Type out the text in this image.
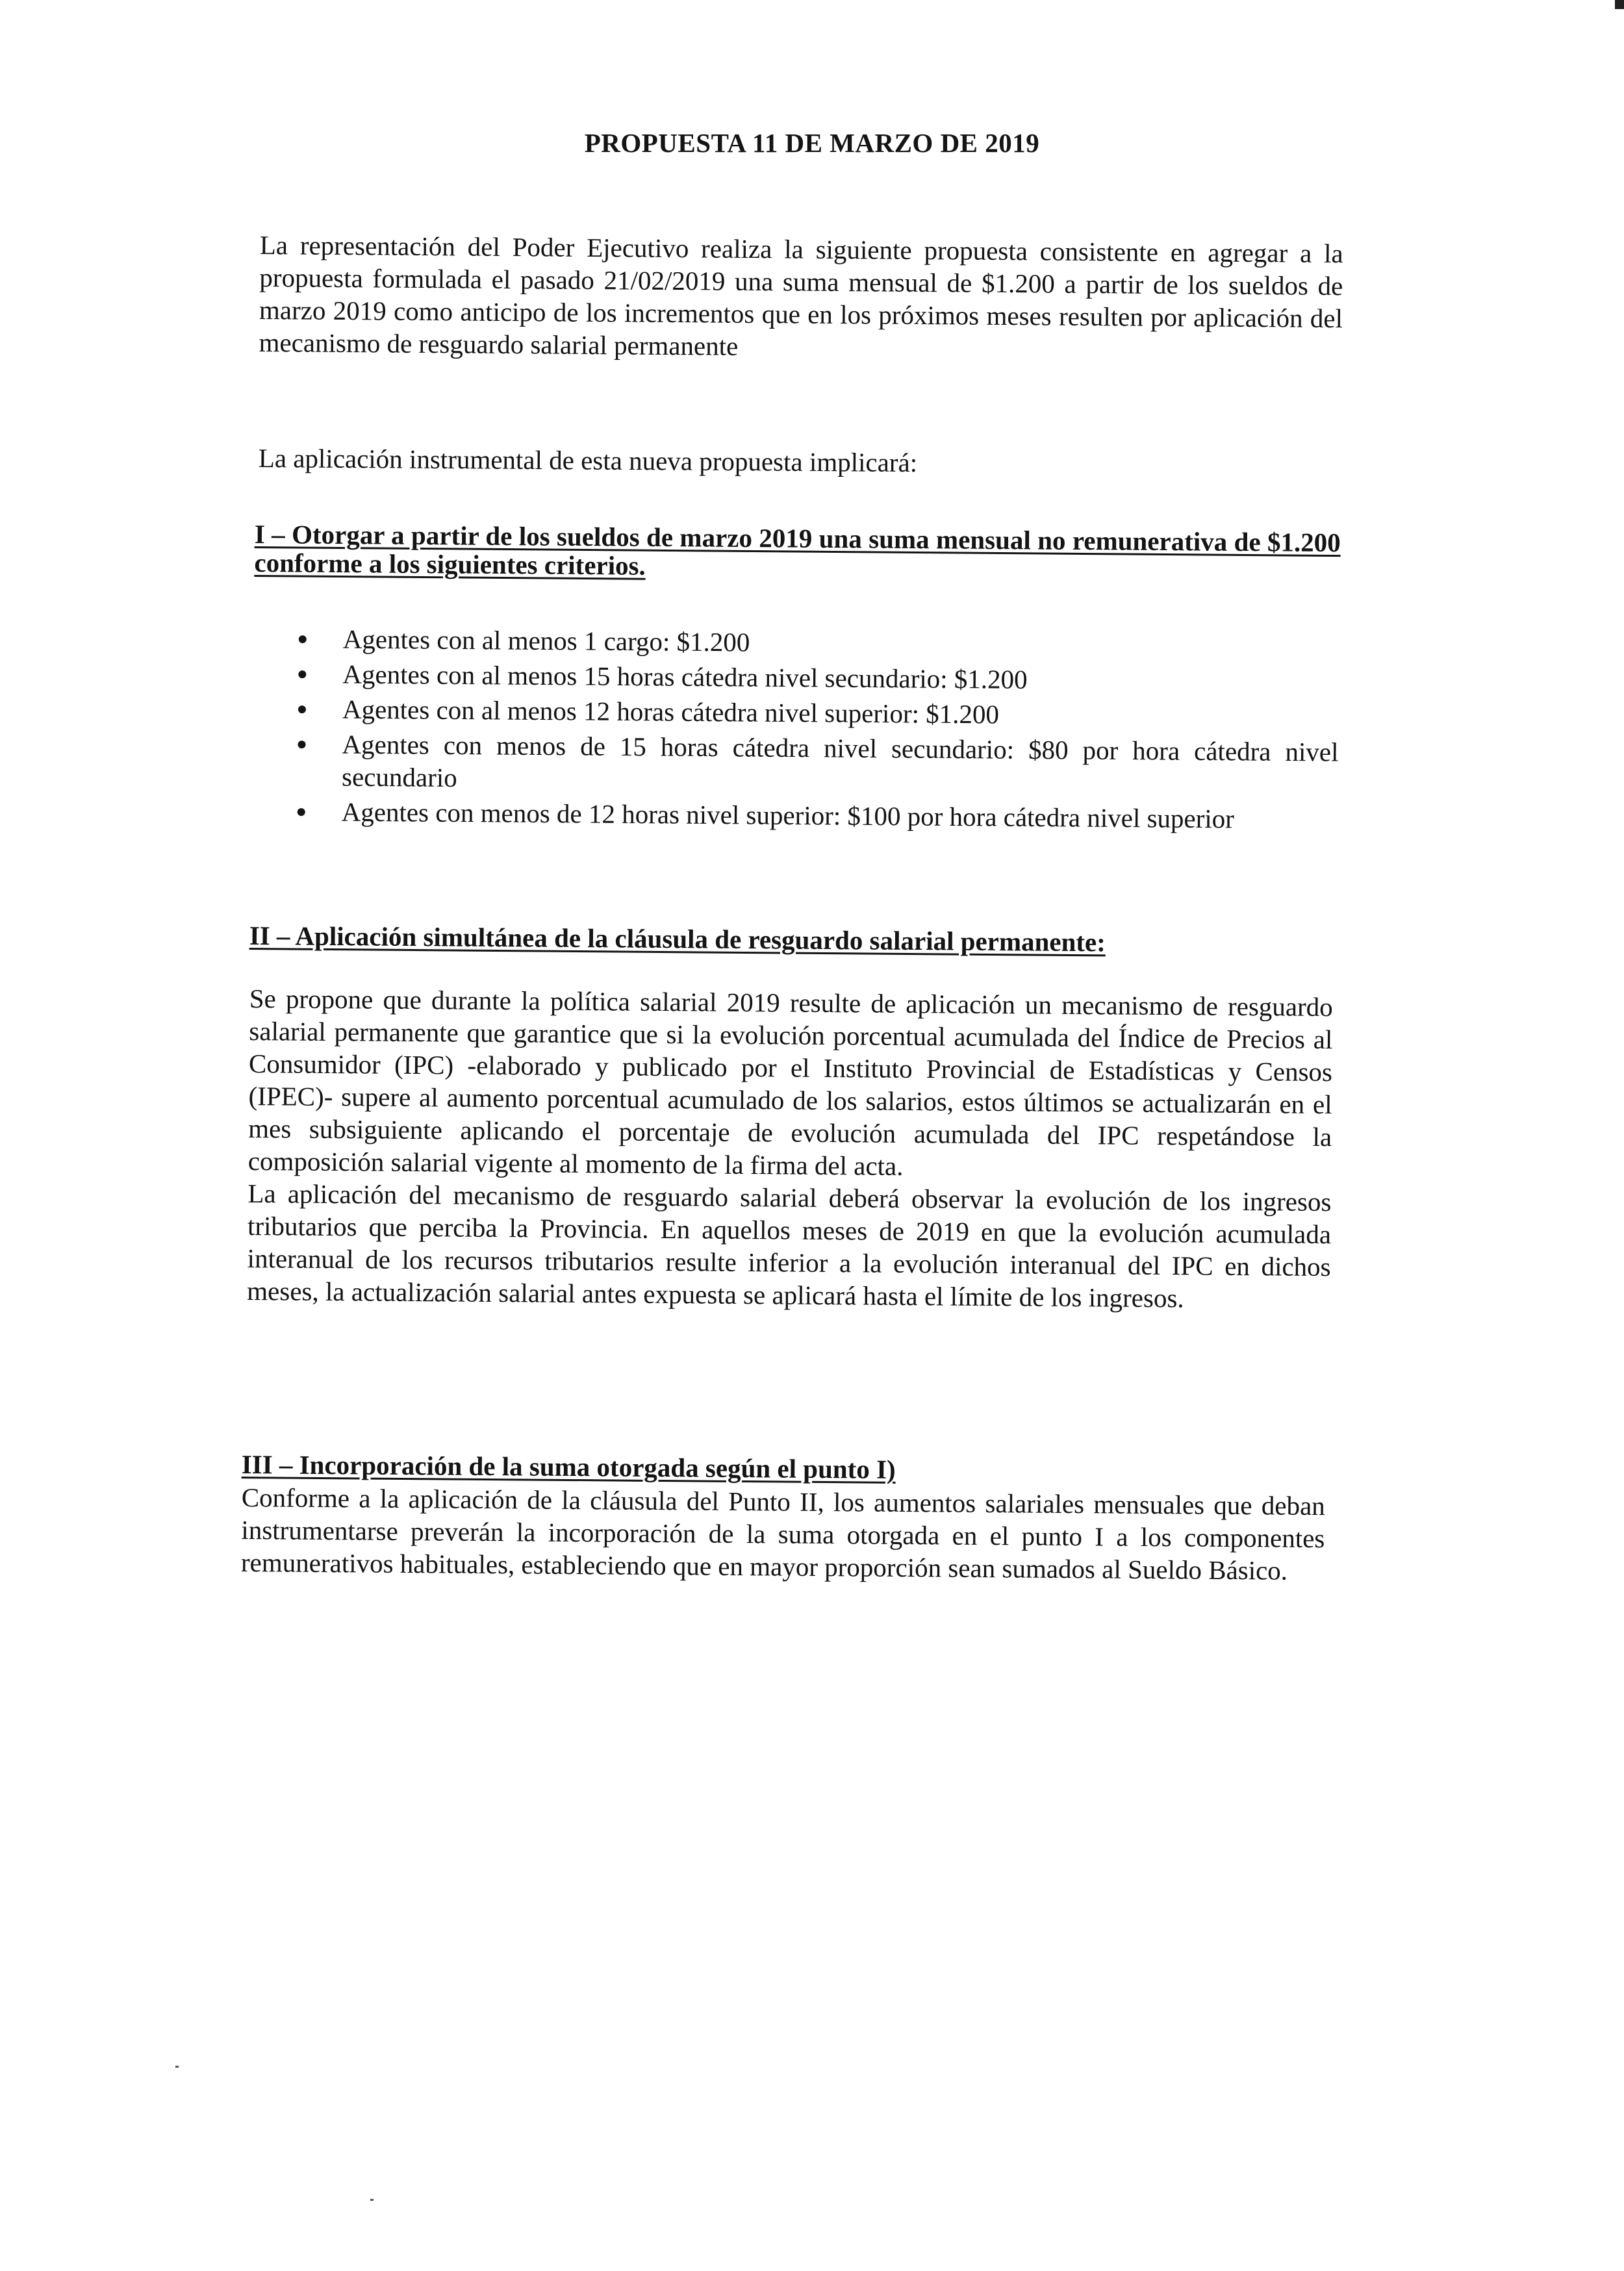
PROPUESTA 11 DE MARZO DE 2019

La representación del Poder Ejecutivo realiza la siguiente propuesta consistente en agregar a la propuesta formulada el pasado 21/02/2019 una suma mensual de $1.200 a partir de los sueldos de marzo 2019 como anticipo de los incrementos que en los próximos meses resulten por aplicación del mecanismo de resguardo salarial permanente

La aplicación instrumental de esta nueva propuesta implicará:

I – Otorgar a partir de los sueldos de marzo 2019 una suma mensual no remunerativa de $1.200 conforme a los siguientes criterios.
Agentes con al menos 1 cargo: $1.200
Agentes con al menos 15 horas cátedra nivel secundario: $1.200
Agentes con al menos 12 horas cátedra nivel superior: $1.200
Agentes con menos de 15 horas cátedra nivel secundario: $80 por hora cátedra nivel secundario
Agentes con menos de 12 horas nivel superior: $100 por hora cátedra nivel superior
II – Aplicación simultánea de la cláusula de resguardo salarial permanente:

Se propone que durante la política salarial 2019 resulte de aplicación un mecanismo de resguardo salarial permanente que garantice que si la evolución porcentual acumulada del Índice de Precios al Consumidor (IPC) -elaborado y publicado por el Instituto Provincial de Estadísticas y Censos (IPEC)- supere al aumento porcentual acumulado de los salarios, estos últimos se actualizarán en el mes subsiguiente aplicando el porcentaje de evolución acumulada del IPC respetándose la composición salarial vigente al momento de la firma del acta.

La aplicación del mecanismo de resguardo salarial deberá observar la evolución de los ingresos tributarios que perciba la Provincia. En aquellos meses de 2019 en que la evolución acumulada interanual de los recursos tributarios resulte inferior a la evolución interanual del IPC en dichos meses, la actualización salarial antes expuesta se aplicará hasta el límite de los ingresos.

III – Incorporación de la suma otorgada según el punto I)

Conforme a la aplicación de la cláusula del Punto II, los aumentos salariales mensuales que deban instrumentarse preverán la incorporación de la suma otorgada en el punto I a los componentes remunerativos habituales, estableciendo que en mayor proporción sean sumados al Sueldo Básico.
